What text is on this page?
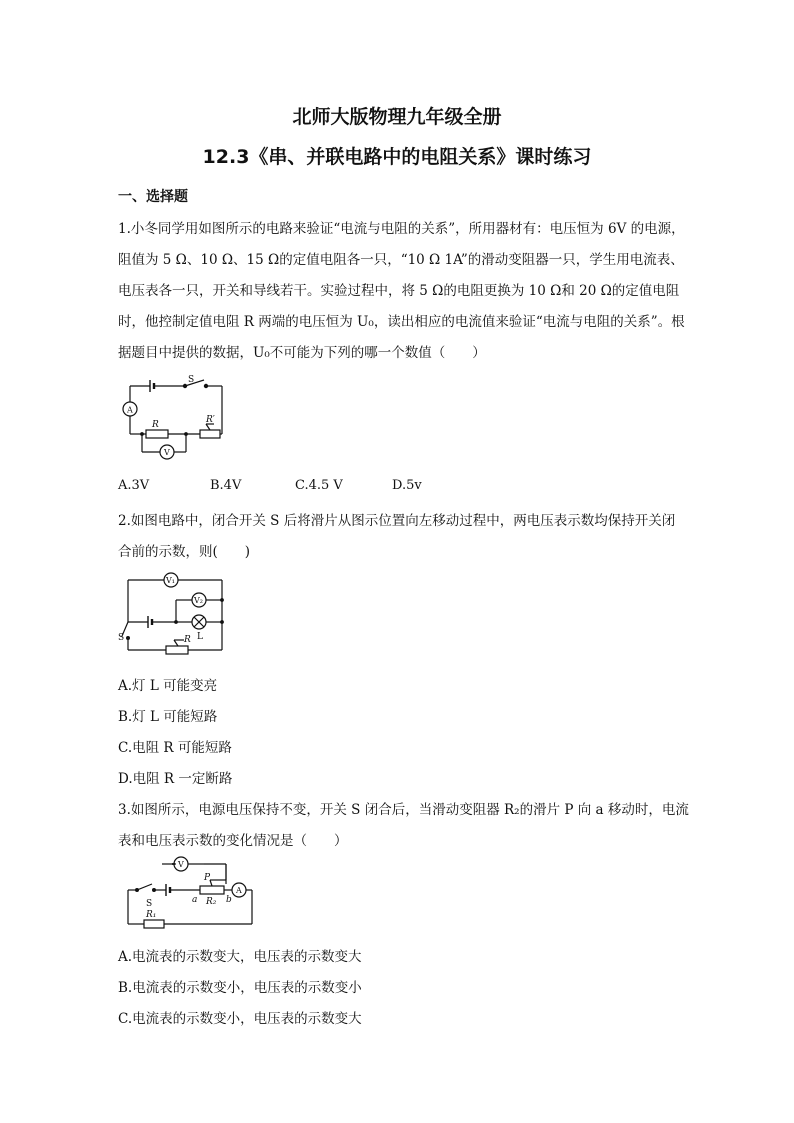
北师大版物理九年级全册
12.3《串、并联电路中的电阻关系》课时练习
一、选择题
1.小冬同学用如图所示的电路来验证“电流与电阻的关系”，所用器材有：电压恒为 6V 的电源，
阻值为 5 Ω、10 Ω、15 Ω的定值电阻各一只，“10 Ω 1A”的滑动变阻器一只，学生用电流表、
电压表各一只，开关和导线若干。实验过程中，将 5 Ω的电阻更换为 10 Ω和 20 Ω的定值电阻
时，他控制定值电阻 R 两端的电压恒为 U₀，读出相应的电流值来验证“电流与电阻的关系”。根
据题目中提供的数据，U₀不可能为下列的哪一个数值（　　）
S
A
R	R′
V
A.3V	B.4V	C.4.5 V	D.5v
2.如图电路中，闭合开关 S 后将滑片从图示位置向左移动过程中，两电压表示数均保持开关闭
合前的示数，则(　　)
V₁
V₂
L
S	R
A.灯 L 可能变亮
B.灯 L 可能短路
C.电阻 R 可能短路
D.电阻 R 一定断路
3.如图所示，电源电压保持不变，开关 S 闭合后，当滑动变阻器 R₂的滑片 P 向 a 移动时，电流
表和电压表示数的变化情况是（　　）
V
S
P
a R₂ b
A
R₁
A.电流表的示数变大，电压表的示数变大
B.电流表的示数变小，电压表的示数变小
C.电流表的示数变小，电压表的示数变大
